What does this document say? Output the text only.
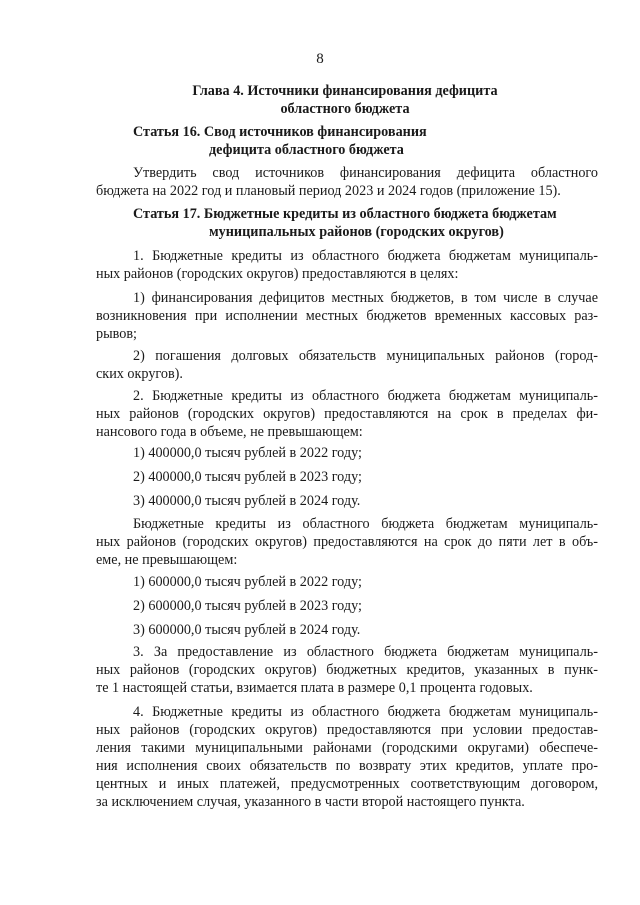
8
Глава 4. Источники финансирования дефицита
областного бюджета
Статья 16. Свод источников финансирования
дефицита областного бюджета
Утвердить свод источников финансирования дефицита областного
бюджета на 2022 год и плановый период 2023 и 2024 годов (приложение 15).
Статья 17. Бюджетные кредиты из областного бюджета бюджетам
муниципальных районов (городских округов)
1. Бюджетные кредиты из областного бюджета бюджетам муниципаль-
ных районов (городских округов) предоставляются в целях:
1) финансирования дефицитов местных бюджетов, в том числе в случае
возникновения при исполнении местных бюджетов временных кассовых раз-
рывов;
2) погашения долговых обязательств муниципальных районов (город-
ских округов).
2. Бюджетные кредиты из областного бюджета бюджетам муниципаль-
ных районов (городских округов) предоставляются на срок в пределах фи-
нансового года в объеме, не превышающем:
1) 400000,0 тысяч рублей в 2022 году;
2) 400000,0 тысяч рублей в 2023 году;
3) 400000,0 тысяч рублей в 2024 году.
Бюджетные кредиты из областного бюджета бюджетам муниципаль-
ных районов (городских округов) предоставляются на срок до пяти лет в объ-
еме, не превышающем:
1) 600000,0 тысяч рублей в 2022 году;
2) 600000,0 тысяч рублей в 2023 году;
3) 600000,0 тысяч рублей в 2024 году.
3. За предоставление из областного бюджета бюджетам муниципаль-
ных районов (городских округов) бюджетных кредитов, указанных в пунк-
те 1 настоящей статьи, взимается плата в размере 0,1 процента годовых.
4. Бюджетные кредиты из областного бюджета бюджетам муниципаль-
ных районов (городских округов) предоставляются при условии предостав-
ления такими муниципальными районами (городскими округами) обеспече-
ния исполнения своих обязательств по возврату этих кредитов, уплате про-
центных и иных платежей, предусмотренных соответствующим договором,
за исключением случая, указанного в части второй настоящего пункта.
